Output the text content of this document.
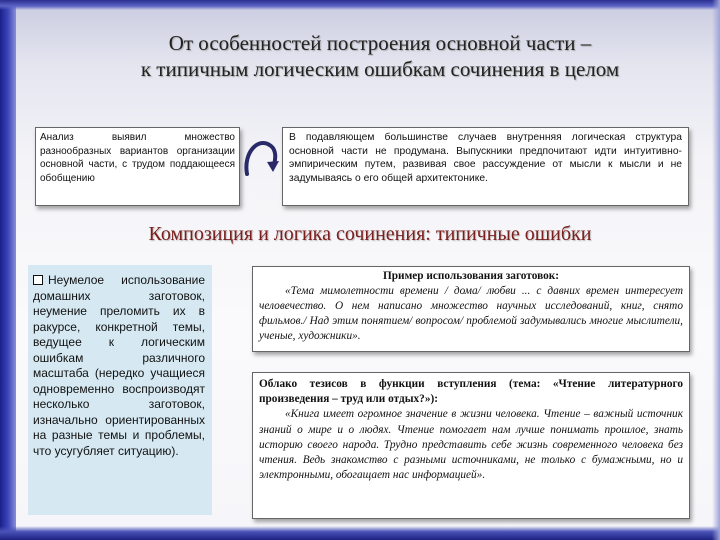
От особенностей построения основной части –
к типичным логическим ошибкам сочинения в целом
Анализ выявил множество разнообразных вариантов организации основной части, с трудом поддающееся обобщению
В подавляющем большинстве случаев внутренняя логическая структура основной части не продумана. Выпускники предпочитают идти интуитивно-эмпирическим путем, развивая свое рассуждение от мысли к мысли и не задумываясь о его общей архитектонике.
Композиция и логика сочинения: типичные ошибки
Неумелое использование домашних заготовок, неумение преломить их в ракурсе, конкретной темы, ведущее к логическим ошибкам различного масштаба (нередко учащиеся одновременно воспроизводят несколько заготовок, изначально ориентированных на разные темы и проблемы, что усугубляет ситуацию).
Пример использования заготовок:
«Тема мимолетности времени / дома/ любви ... с давних времен интересует человечество. О нем написано множество научных исследований, книг, снято фильмов./ Над этим понятием/ вопросом/ проблемой задумывались многие мыслители, ученые, художники».
Облако тезисов в функции вступления (тема: «Чтение литературного произведения – труд или отдых?»):
«Книга имеет огромное значение в жизни человека. Чтение – важный источник знаний о мире и о людях. Чтение помогает нам лучше понимать прошлое, знать историю своего народа. Трудно представить себе жизнь современного человека без чтения. Ведь знакомство с разными источниками, не только с бумажными, но и электронными, обогащает нас информацией».
